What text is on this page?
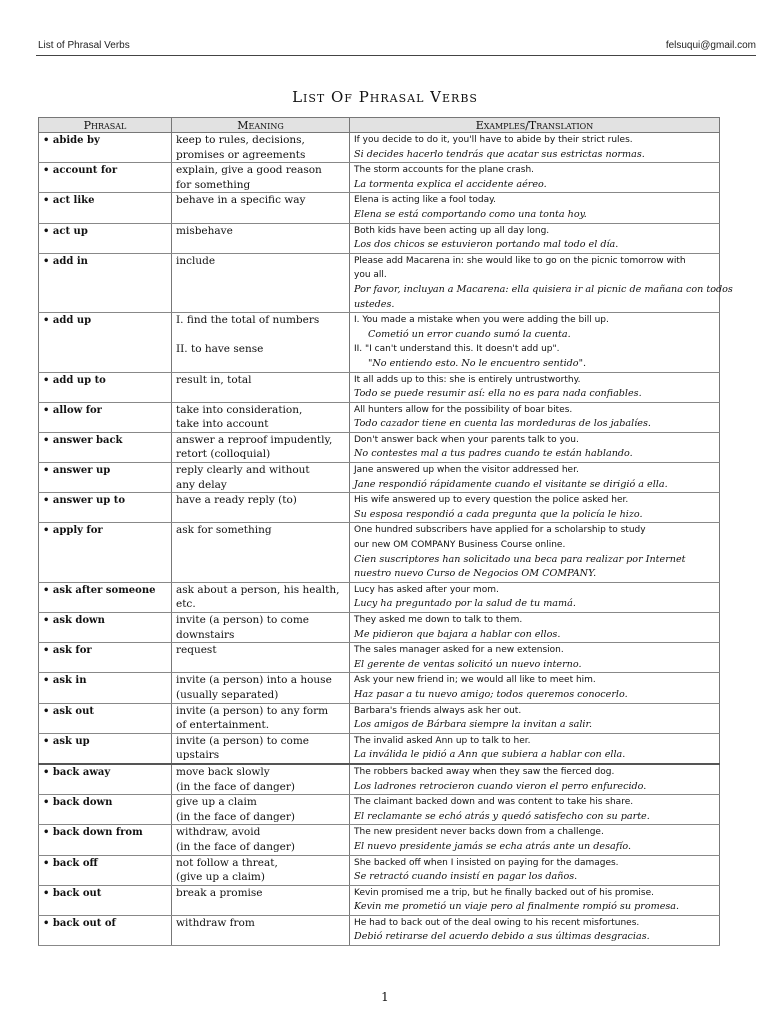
List of Phrasal Verbs	felsuqui@gmail.com
List Of Phrasal Verbs
Phrasal	Meaning	Examples/Translation
• abide by	keep to rules, decisions,
promises or agreements	If you decide to do it, you'll have to abide by their strict rules.
Si decides hacerlo tendrás que acatar sus estrictas normas.

• account for	explain, give a good reason
for something	The storm accounts for the plane crash.
La tormenta explica el accidente aéreo.

• act like	behave in a specific way	Elena is acting like a fool today.
Elena se está comportando como una tonta hoy.

• act up	misbehave	Both kids have been acting up all day long.
Los dos chicos se estuvieron portando mal todo el día.

• add in	include	Please add Macarena in: she would like to go on the picnic tomorrow with
you all.
Por favor, incluyan a Macarena: ella quisiera ir al picnic de mañana con todos
ustedes.

• add up	I. find the total of numbers
II. to have sense	I. You made a mistake when you were adding the bill up.
Cometió un error cuando sumó la cuenta.
II. "I can't understand this. It doesn't add up".
"No entiendo esto. No le encuentro sentido".

• add up to	result in, total	It all adds up to this: she is entirely untrustworthy.
Todo se puede resumir así: ella no es para nada confiables.

• allow for	take into consideration,
take into account	All hunters allow for the possibility of boar bites.
Todo cazador tiene en cuenta las mordeduras de los jabalíes.

• answer back	answer a reproof impudently,
retort (colloquial)	Don't answer back when your parents talk to you.
No contestes mal a tus padres cuando te están hablando.

• answer up	reply clearly and without
any delay	Jane answered up when the visitor addressed her.
Jane respondió rápidamente cuando el visitante se dirigió a ella.

• answer up to	have a ready reply (to)	His wife answered up to every question the police asked her.
Su esposa respondió a cada pregunta que la policía le hizo.

• apply for	ask for something	One hundred subscribers have applied for a scholarship to study
our new OM COMPANY Business Course online.
Cien suscriptores han solicitado una beca para realizar por Internet
nuestro nuevo Curso de Negocios OM COMPANY.

• ask after someone	ask about a person, his health,
etc.	Lucy has asked after your mom.
Lucy ha preguntado por la salud de tu mamá.

• ask down	invite (a person) to come
downstairs	They asked me down to talk to them.
Me pidieron que bajara a hablar con ellos.

• ask for	request	The sales manager asked for a new extension.
El gerente de ventas solicitó un nuevo interno.

• ask in	invite (a person) into a house
(usually separated)	Ask your new friend in; we would all like to meet him.
Haz pasar a tu nuevo amigo; todos queremos conocerlo.

• ask out	invite (a person) to any form
of entertainment.	Barbara's friends always ask her out.
Los amigos de Bárbara siempre la invitan a salir.

• ask up	invite (a person) to come
upstairs	The invalid asked Ann up to talk to her.
La inválida le pidió a Ann que subiera a hablar con ella.

• back away	move back slowly
(in the face of danger)	The robbers backed away when they saw the fierced dog.
Los ladrones retrocieron cuando vieron el perro enfurecido.

• back down	give up a claim
(in the face of danger)	The claimant backed down and was content to take his share.
El reclamante se echó atrás y quedó satisfecho con su parte.

• back down from	withdraw, avoid
(in the face of danger)	The new president never backs down from a challenge.
El nuevo presidente jamás se echa atrás ante un desafío.

• back off	not follow a threat,
(give up a claim)	She backed off when I insisted on paying for the damages.
Se retractó cuando insistí en pagar los daños.

• back out	break a promise	Kevin promised me a trip, but he finally backed out of his promise.
Kevin me prometió un viaje pero al finalmente rompió su promesa.

• back out of	withdraw from	He had to back out of the deal owing to his recent misfortunes.
Debió retirarse del acuerdo debido a sus últimas desgracias.
1
